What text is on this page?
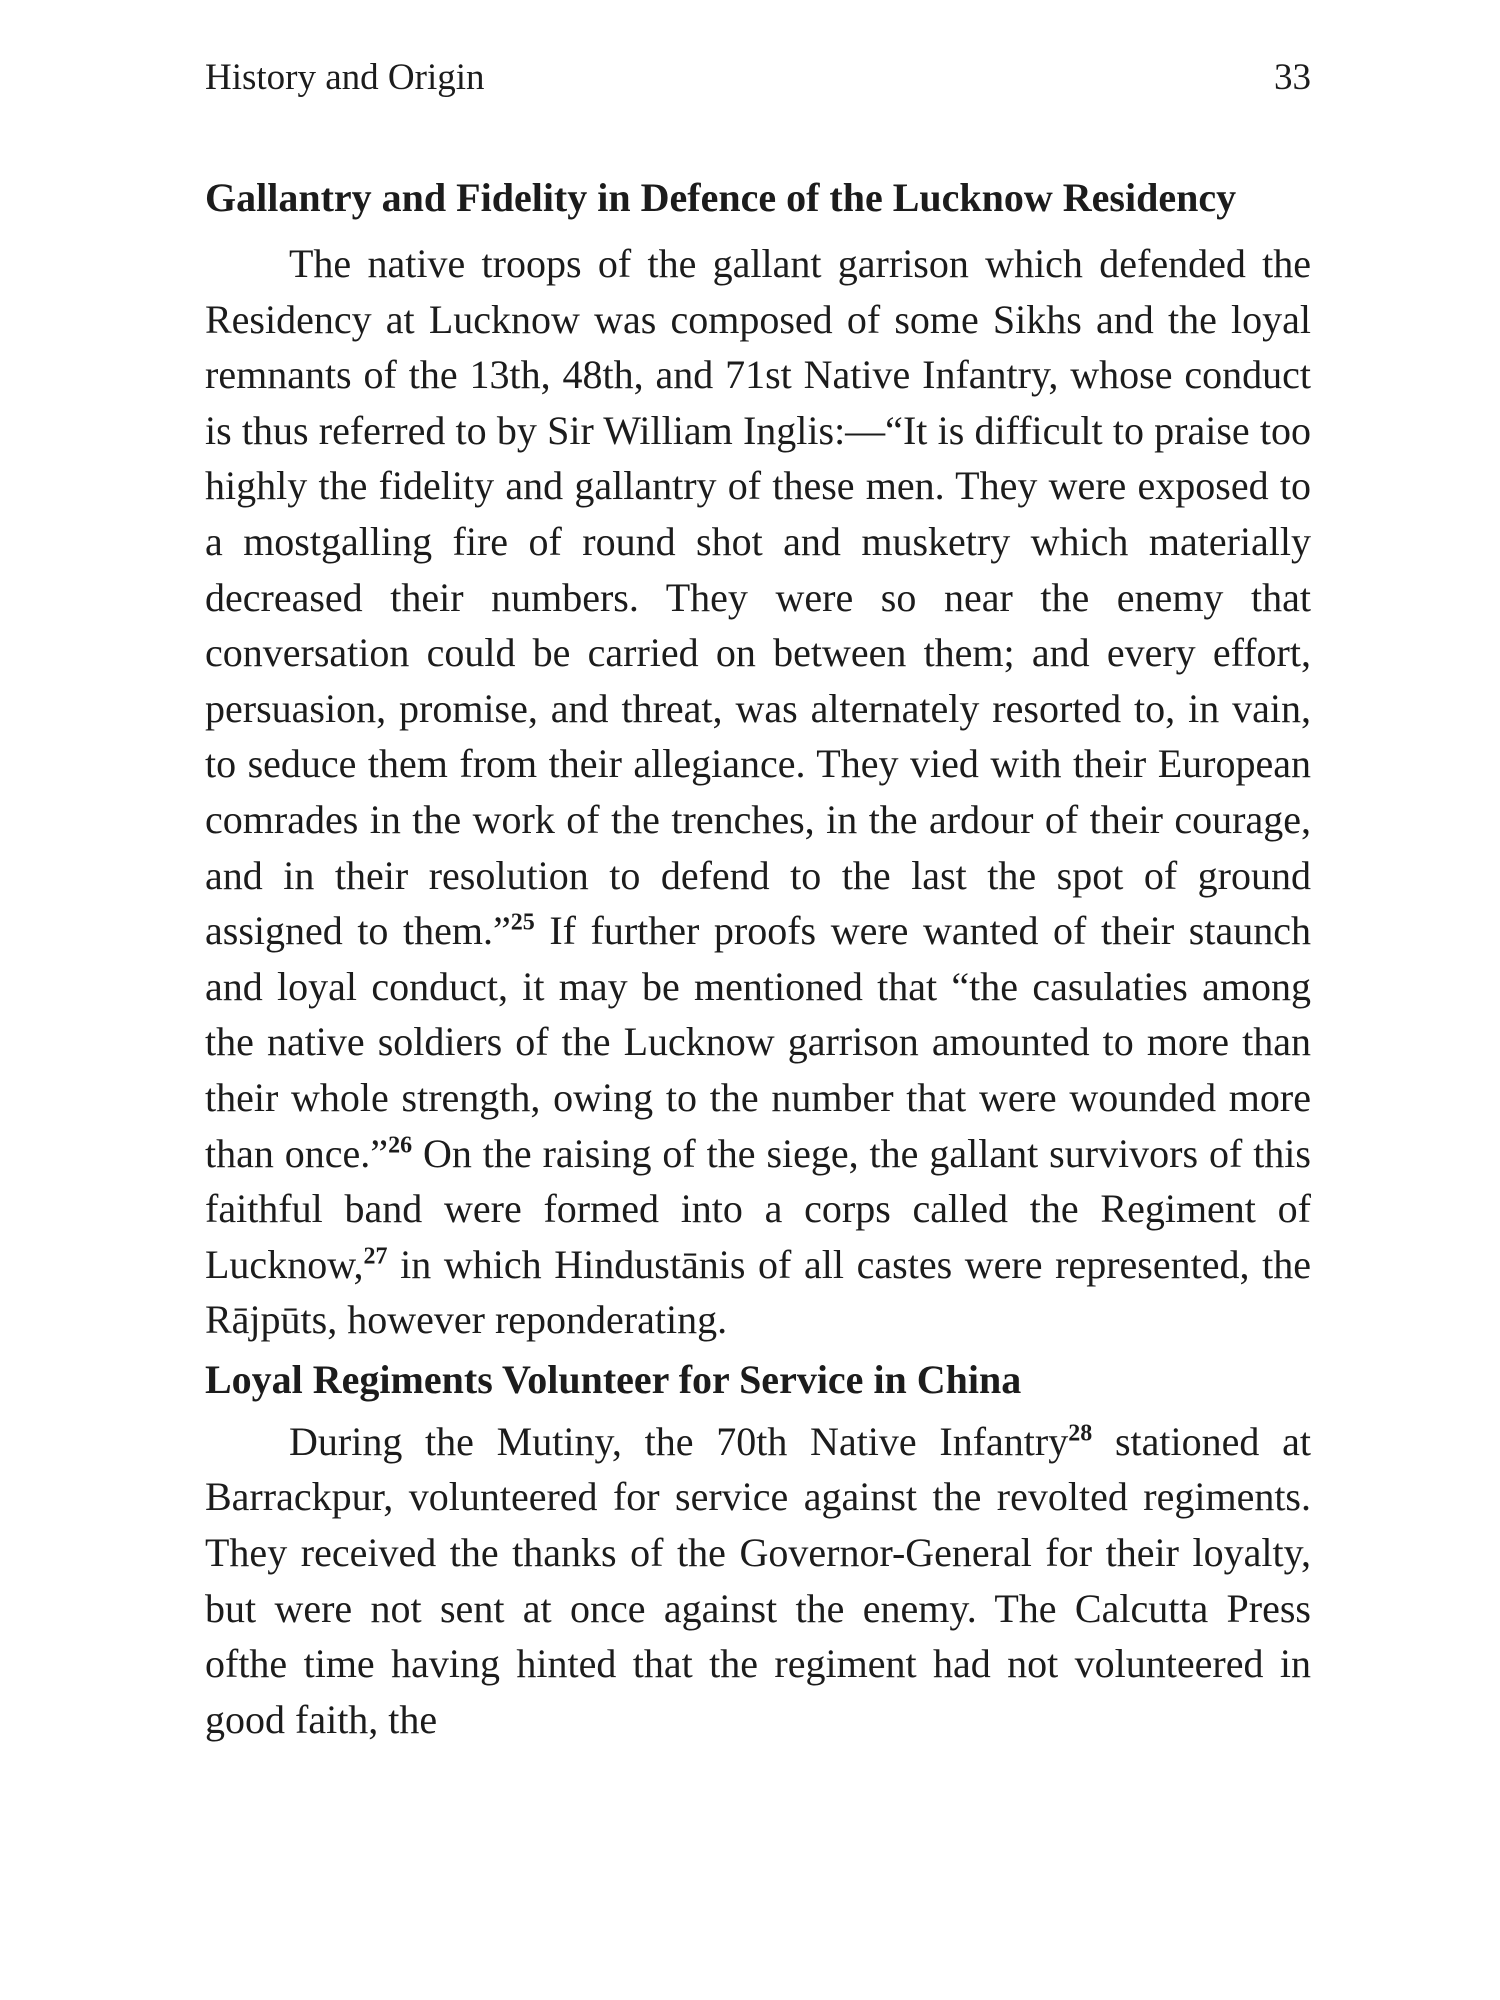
History and Origin	33
Gallantry and Fidelity in Defence of the Lucknow Residency

The native troops of the gallant garrison which defended the Residency at Lucknow was composed of some Sikhs and the loyal remnants of the 13th, 48th, and 71st Native Infantry, whose conduct is thus referred to by Sir William Inglis:—“It is difficult to praise too highly the fidelity and gallantry of these men. They were exposed to a mostgalling fire of round shot and musketry which materially decreased their numbers. They were so near the enemy that conversation could be carried on between them; and every effort, persuasion, promise, and threat, was alternately resorted to, in vain, to seduce them from their allegiance. They vied with their European comrades in the work of the trenches, in the ardour of their courage, and in their resolution to defend to the last the spot of ground assigned to them.”$^{25}$ If further proofs were wanted of their staunch and loyal conduct, it may be mentioned that “the casulaties among the native soldiers of the Lucknow garrison amounted to more than their whole strength, owing to the number that were wounded more than once.”$^{26}$ On the raising of the siege, the gallant survivors of this faithful band were formed into a corps called the Regiment of Lucknow,$^{27}$ in which Hindustānis of all castes were represented, the Rājpūts, however reponderating.

Loyal Regiments Volunteer for Service in China

During the Mutiny, the 70th Native Infantry$^{28}$ stationed at Barrackpur, volunteered for service against the revolted regiments. They received the thanks of the Governor-General for their loyalty, but were not sent at once against the enemy. The Calcutta Press ofthe time having hinted that the regiment had not volunteered in good faith, the
